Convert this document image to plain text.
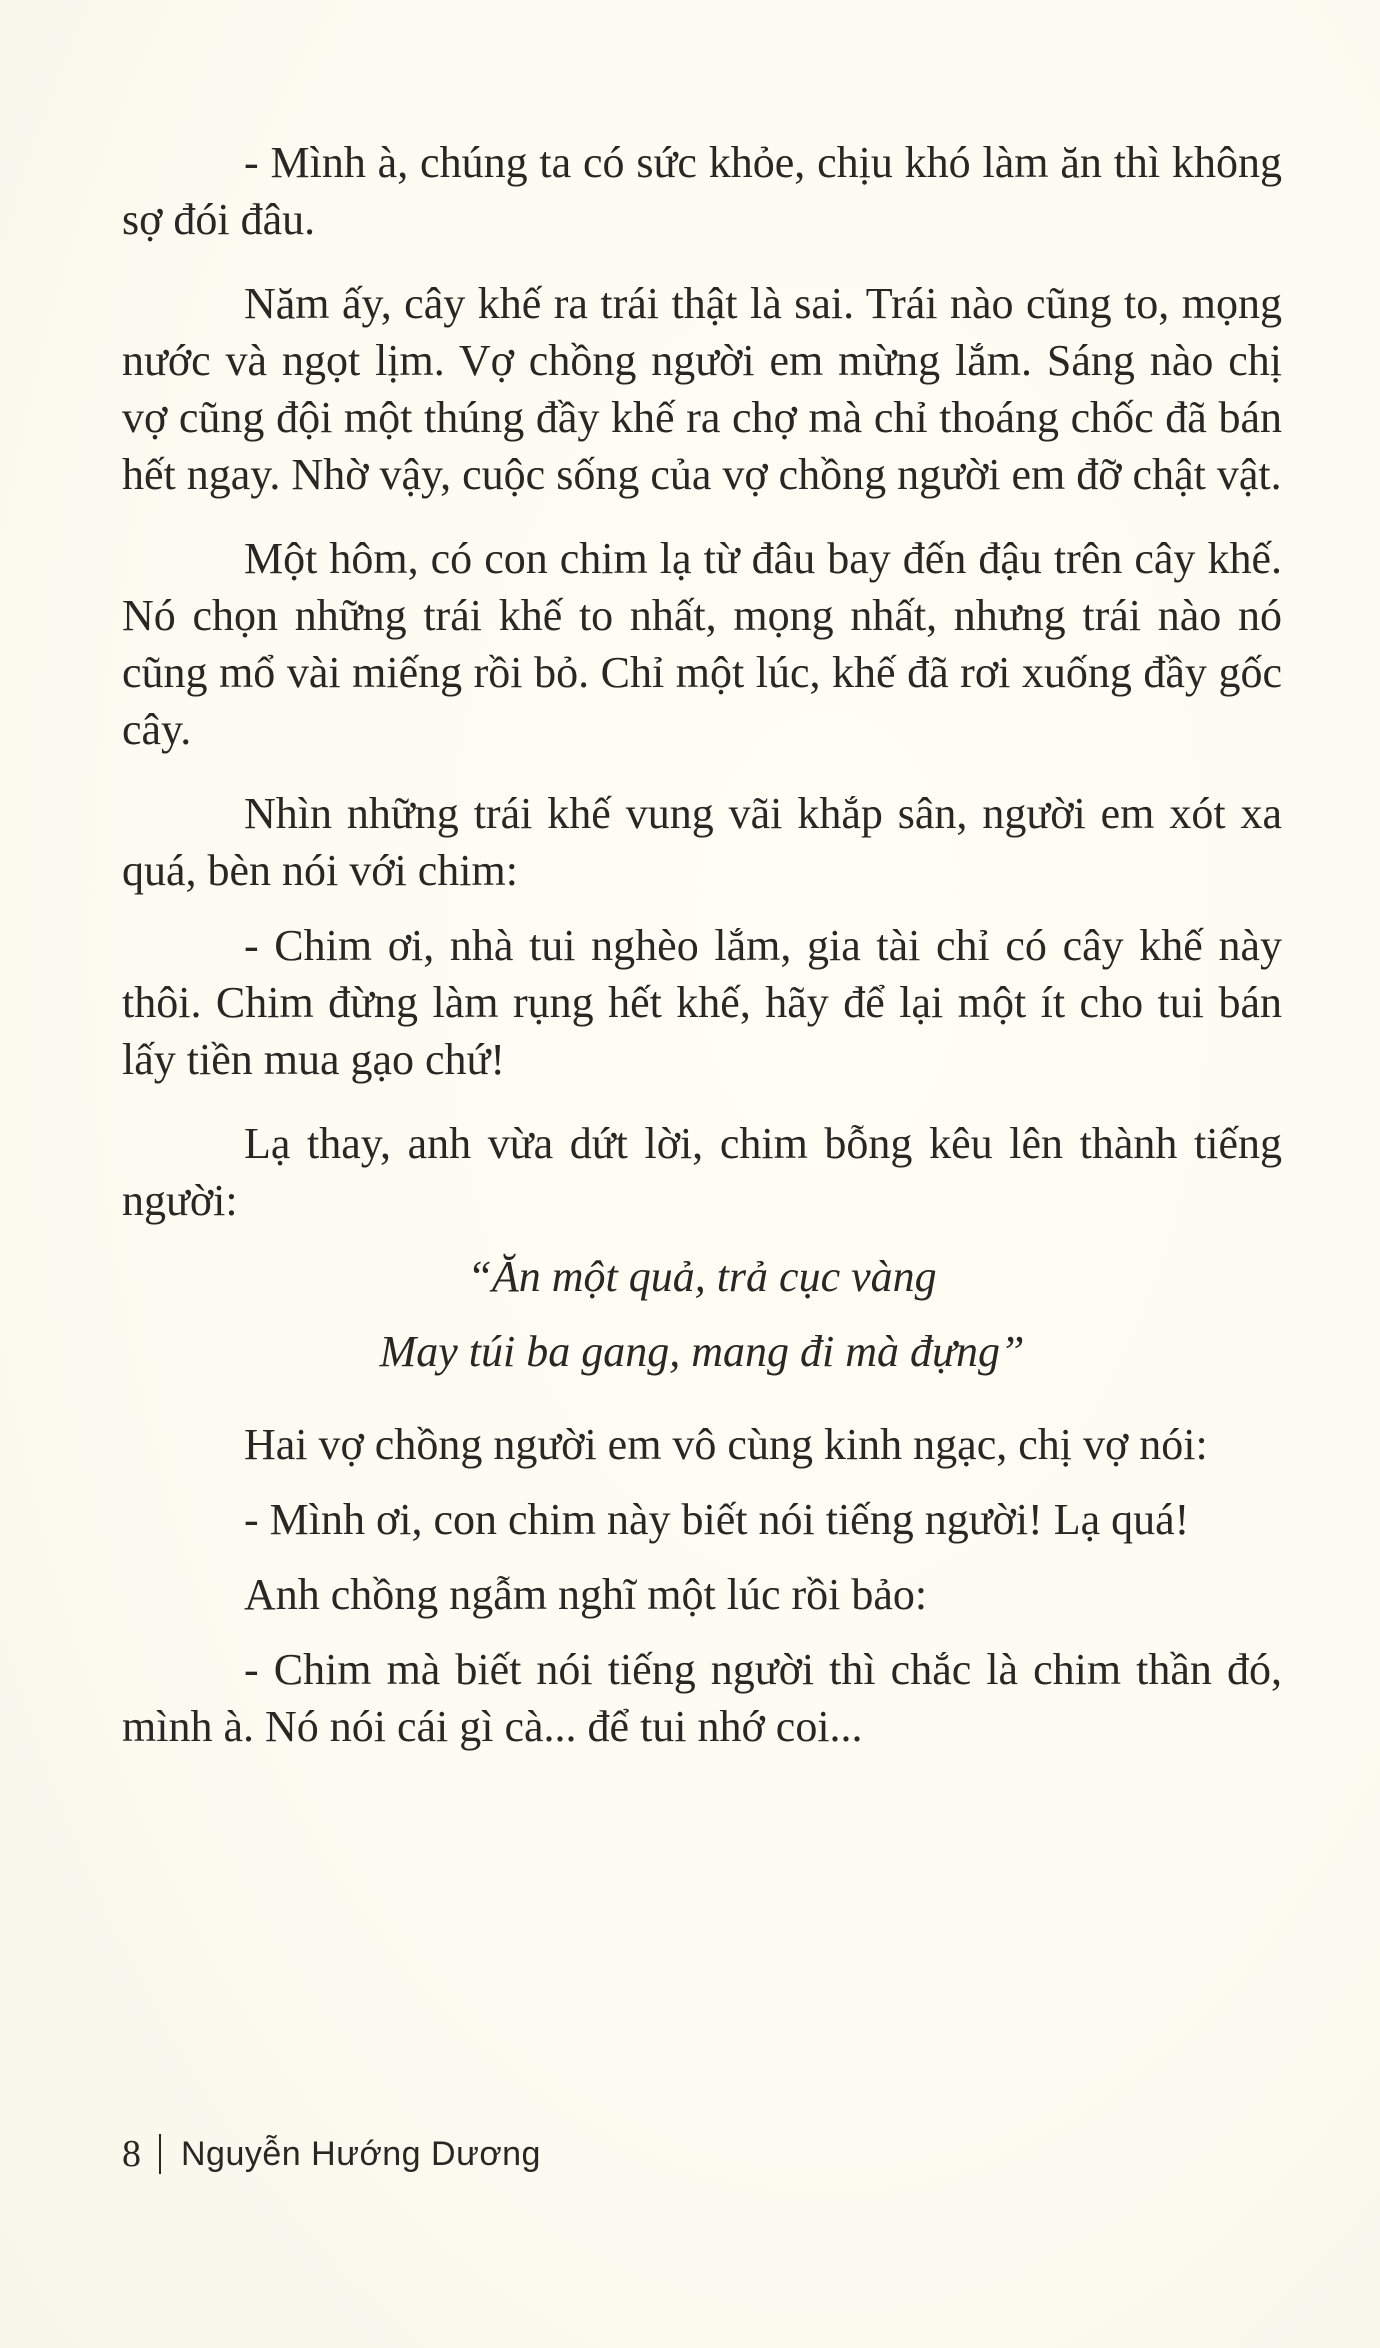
- Mình à, chúng ta có sức khỏe, chịu khó làm ăn thì không sợ đói đâu.

Năm ấy, cây khế ra trái thật là sai. Trái nào cũng to, mọng nước và ngọt lịm. Vợ chồng người em mừng lắm. Sáng nào chị vợ cũng đội một thúng đầy khế ra chợ mà chỉ thoáng chốc đã bán hết ngay. Nhờ vậy, cuộc sống của vợ chồng người em đỡ chật vật.

Một hôm, có con chim lạ từ đâu bay đến đậu trên cây khế. Nó chọn những trái khế to nhất, mọng nhất, nhưng trái nào nó cũng mổ vài miếng rồi bỏ. Chỉ một lúc, khế đã rơi xuống đầy gốc cây.

Nhìn những trái khế vung vãi khắp sân, người em xót xa quá, bèn nói với chim:

- Chim ơi, nhà tui nghèo lắm, gia tài chỉ có cây khế này thôi. Chim đừng làm rụng hết khế, hãy để lại một ít cho tui bán lấy tiền mua gạo chứ!

Lạ thay, anh vừa dứt lời, chim bỗng kêu lên thành tiếng người:

“Ăn một quả, trả cục vàng
May túi ba gang, mang đi mà đựng”

Hai vợ chồng người em vô cùng kinh ngạc, chị vợ nói:

- Mình ơi, con chim này biết nói tiếng người! Lạ quá!

Anh chồng ngẫm nghĩ một lúc rồi bảo:

- Chim mà biết nói tiếng người thì chắc là chim thần đó, mình à. Nó nói cái gì cà... để tui nhớ coi...

8 Nguyễn Hướng Dương
